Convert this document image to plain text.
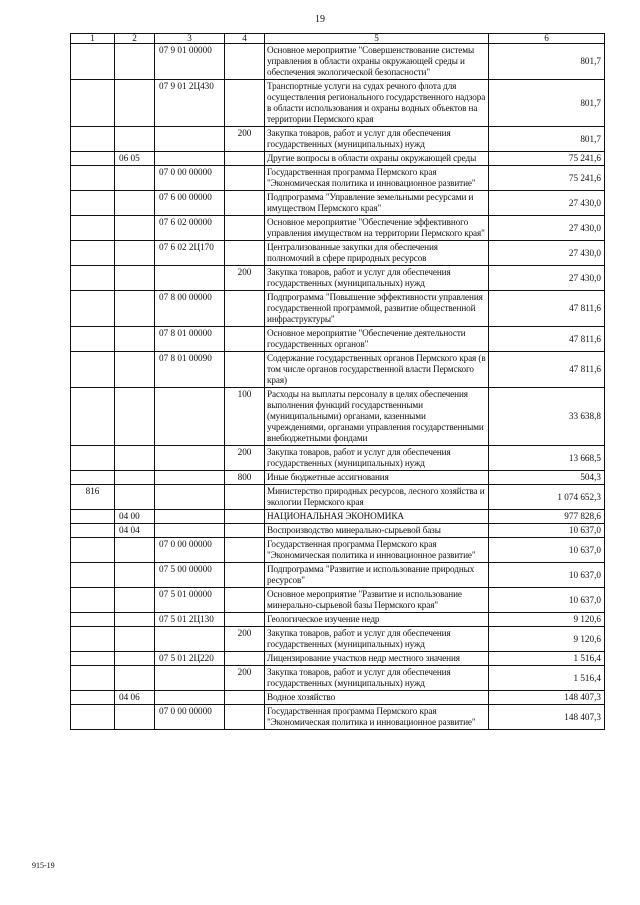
19
1	2	3	4	5	6
		07 9 01 00000		Основное мероприятие "Совершенствование системы управления в области охраны окружающей среды и обеспечения экологической безопасности"	801,7
		07 9 01 2Ц430		Транспортные услуги на судах речного флота для осуществления регионального государственного надзора в области использования и охраны водных объектов на территории Пермского края	801,7
			200	Закупка товаров, работ и услуг для обеспечения государственных (муниципальных) нужд	801,7
	06 05			Другие вопросы в области охраны окружающей среды	75 241,6
		07 0 00 00000		Государственная программа Пермского края "Экономическая политика и инновационное развитие"	75 241,6
		07 6 00 00000		Подпрограмма "Управление земельными ресурсами и имуществом Пермского края"	27 430,0
		07 6 02 00000		Основное мероприятие "Обеспечение эффективного управления имуществом на территории Пермского края"	27 430,0
		07 6 02 2Ц170		Централизованные закупки для обеспечения полномочий в сфере природных ресурсов	27 430,0
			200	Закупка товаров, работ и услуг для обеспечения государственных (муниципальных) нужд	27 430,0
		07 8 00 00000		Подпрограмма "Повышение эффективности управления государственной программой, развитие общественной инфраструктуры"	47 811,6
		07 8 01 00000		Основное мероприятие "Обеспечение деятельности государственных органов"	47 811,6
		07 8 01 00090		Содержание государственных органов Пермского края (в том числе органов государственной власти Пермского края)	47 811,6
			100	Расходы на выплаты персоналу в целях обеспечения выполнения функций государственными (муниципальными) органами, казенными учреждениями, органами управления государственными внебюджетными фондами	33 638,8
			200	Закупка товаров, работ и услуг для обеспечения государственных (муниципальных) нужд	13 668,5
			800	Иные бюджетные ассигнования	504,3
816				Министерство природных ресурсов, лесного хозяйства и экологии Пермского края	1 074 652,3
	04 00			НАЦИОНАЛЬНАЯ ЭКОНОМИКА	977 828,6
	04 04			Воспроизводство минерально-сырьевой базы	10 637,0
		07 0 00 00000		Государственная программа Пермского края "Экономическая политика и инновационное развитие"	10 637,0
		07 5 00 00000		Подпрограмма "Развитие и использование природных ресурсов"	10 637,0
		07 5 01 00000		Основное мероприятие "Развитие и использование минерально-сырьевой базы Пермского края"	10 637,0
		07 5 01 2Ц130		Геологическое изучение недр	9 120,6
			200	Закупка товаров, работ и услуг для обеспечения государственных (муниципальных) нужд	9 120,6
		07 5 01 2Ц220		Лицензирование участков недр местного значения	1 516,4
			200	Закупка товаров, работ и услуг для обеспечения государственных (муниципальных) нужд	1 516,4
	04 06			Водное хозяйство	148 407,3
		07 0 00 00000		Государственная программа Пермского края "Экономическая политика и инновационное развитие"	148 407,3
915-19
